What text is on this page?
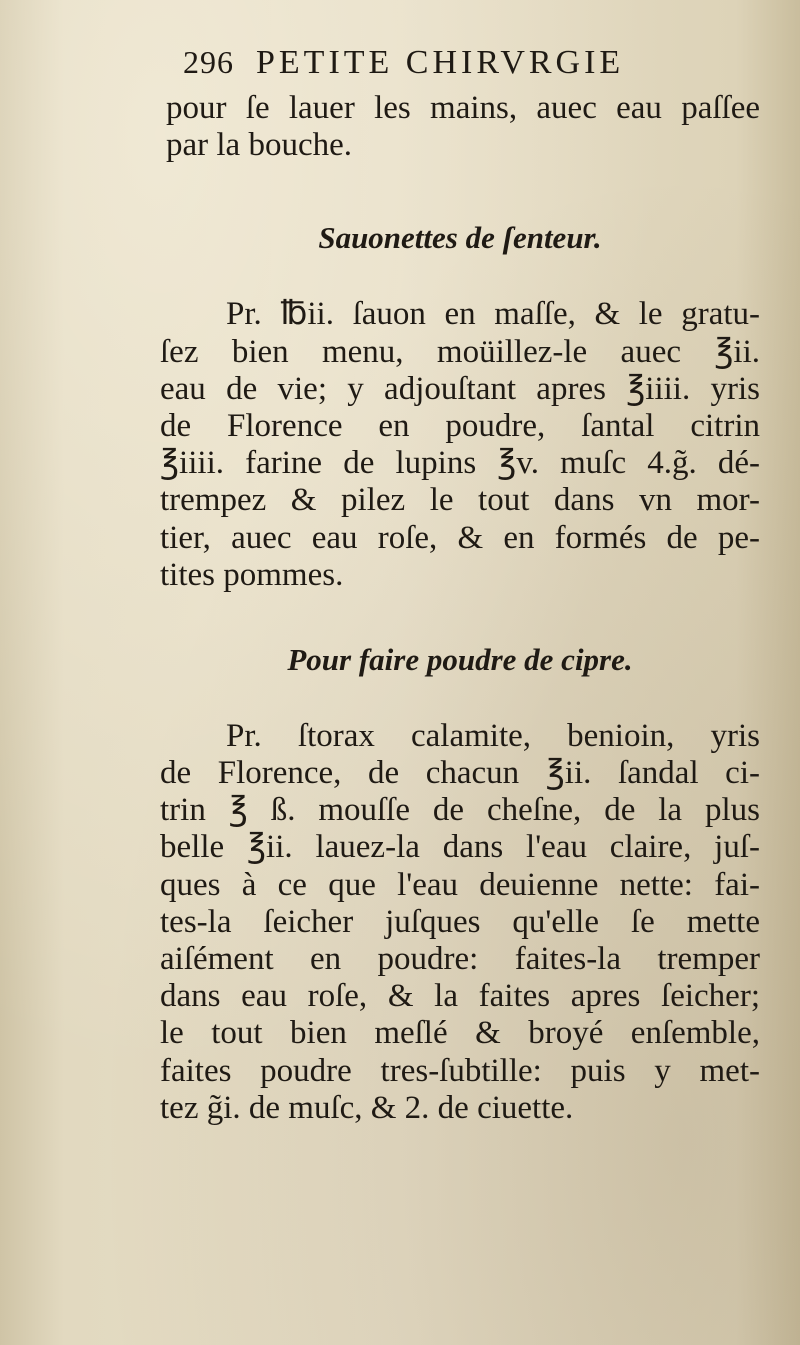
296 PETITE CHIRVRGIE
pour ſe lauer les mains, auec eau paſſee
par la bouche.
Sauonettes de ſenteur.
Pr. ℔ii. ſauon en maſſe, & le gratu-
ſez bien menu, moüillez-le auec ℥ii.
eau de vie; y adjouſtant apres ℥iiii. yris
de Florence en poudre, ſantal citrin
℥iiii. farine de lupins ℥v. muſc 4.g̃. dé-
trempez & pilez le tout dans vn mor-
tier, auec eau roſe, & en formés de pe-
tites pommes.
Pour faire poudre de cipre.
Pr. ſtorax calamite, benioin, yris
de Florence, de chacun ℥ii. ſandal ci-
trin ℥ ß. mouſſe de cheſne, de la plus
belle ℥ii. lauez-la dans l'eau claire, juſ-
ques à ce que l'eau deuienne nette: fai-
tes-la ſeicher juſques qu'elle ſe mette
aiſément en poudre: faites-la tremper
dans eau roſe, & la faites apres ſeicher;
le tout bien meſlé & broyé enſemble,
faites poudre tres-ſubtille: puis y met-
tez g̃i. de muſc, & 2. de ciuette.
